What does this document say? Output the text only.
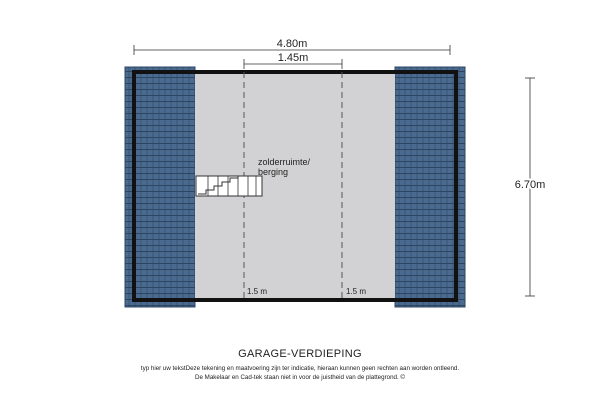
4.80m
1.45m
6.70m
1.5 m	1.5 m
zolderruimte/
berging
GARAGE-VERDIEPING
typ hier uw tekstDeze tekening en maatvoering zijn ter indicatie, hieraan kunnen geen rechten aan worden ontleend.
De Makelaar en Cad-tek staan niet in voor de juistheid van de plattegrond. ©
